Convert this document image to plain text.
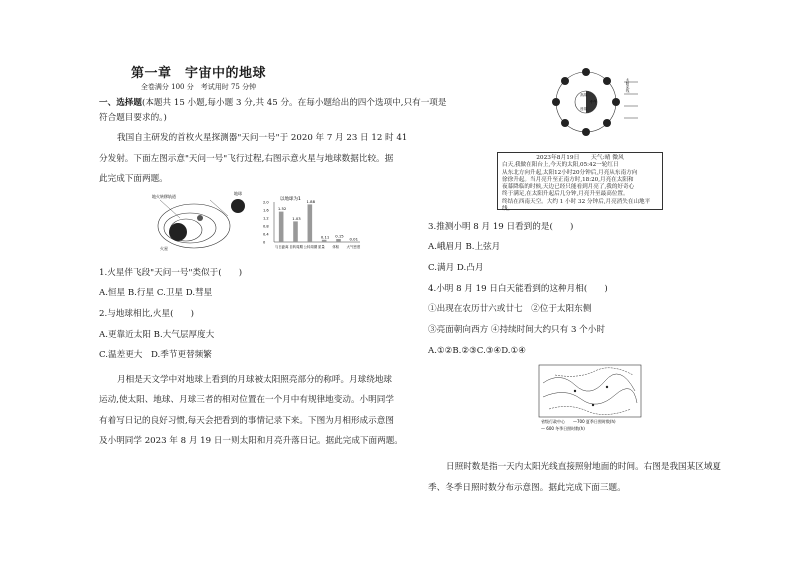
第一章　宇宙中的地球
全卷满分 100 分　考试用时 75 分钟
一、选择题(本题共 15 小题,每小题 3 分,共 45 分。在每小题给出的四个选项中,只有一项是
符合题目要求的。)
我国自主研发的首枚火星探测器"天问一号"于 2020 年 7 月 23 日 12 时 41
分发射。下面左图示意"天问一号"飞行过程,右图示意火星与地球数据比较。据
此完成下面两题。
地火转移轨道
地球
火星
以地球为1
2.0
1.6
1.2
0.8
0.4
0
1.52
与日距离
1.03
自转周期
1.88
公转周期
0.11
质量
0.15
体积
0.01
大气密度
1.火星伴飞段"天问一号"类似于(　　)
A.恒星 B.行星 C.卫星 D.彗星
2.与地球相比,火星(　　)
A.更靠近太阳 B.大气层厚度大
C.温差更大　D.季节更替频繁
月相是天文学中对地球上看到的月球被太阳照亮部分的称呼。月球绕地球
运动,使太阳、地球、月球三者的相对位置在一个月中有规律地变动。小明同学
有着写日记的良好习惯,每天会把看到的事情记录下来。下图为月相形成示意图
及小明同学 2023 年 8 月 19 日一则太阳和月亮升落日记。据此完成下面两题。
高纬
中午
晋纬
太阳光线
2023年8月19日　　天气:晴 微风
白天,我做在阳台上,今天的太阳,05:42一轮红日
从东北方向升起,太阳12小时20分钟后,月亮从东南方向
徐徐升起。当月亮升至正南方时,18:20,月亮在太阳和
夜幕降临的时候,天边已经只能看到月亮了,我的好奇心
终于满足,在太阳升起后几分钟,月亮升至最高位置。
终结在西南天空。大约 1 小时 32 分钟后,月亮消失在山地平线。
3.推测小明 8 月 19 日看到的是(　　)
A.峨眉月 B.上弦月
C.满月 D.凸月
4.小明 8 月 19 日白天能看到的这种月相(　　)
①出现在农历廿六或廿七　②位于太阳东侧
③亮面朝向西方 ④持续时间大约只有 3 个小时
A.①②B.②③C.③④D.①④
省级行政中心 —700 夏季日照时数(h)
— 600 冬季日照时数(h)
日照时数是指一天内太阳光线直接照射地面的时间。右图是我国某区域夏
季、冬季日照时数分布示意图。据此完成下面三题。
